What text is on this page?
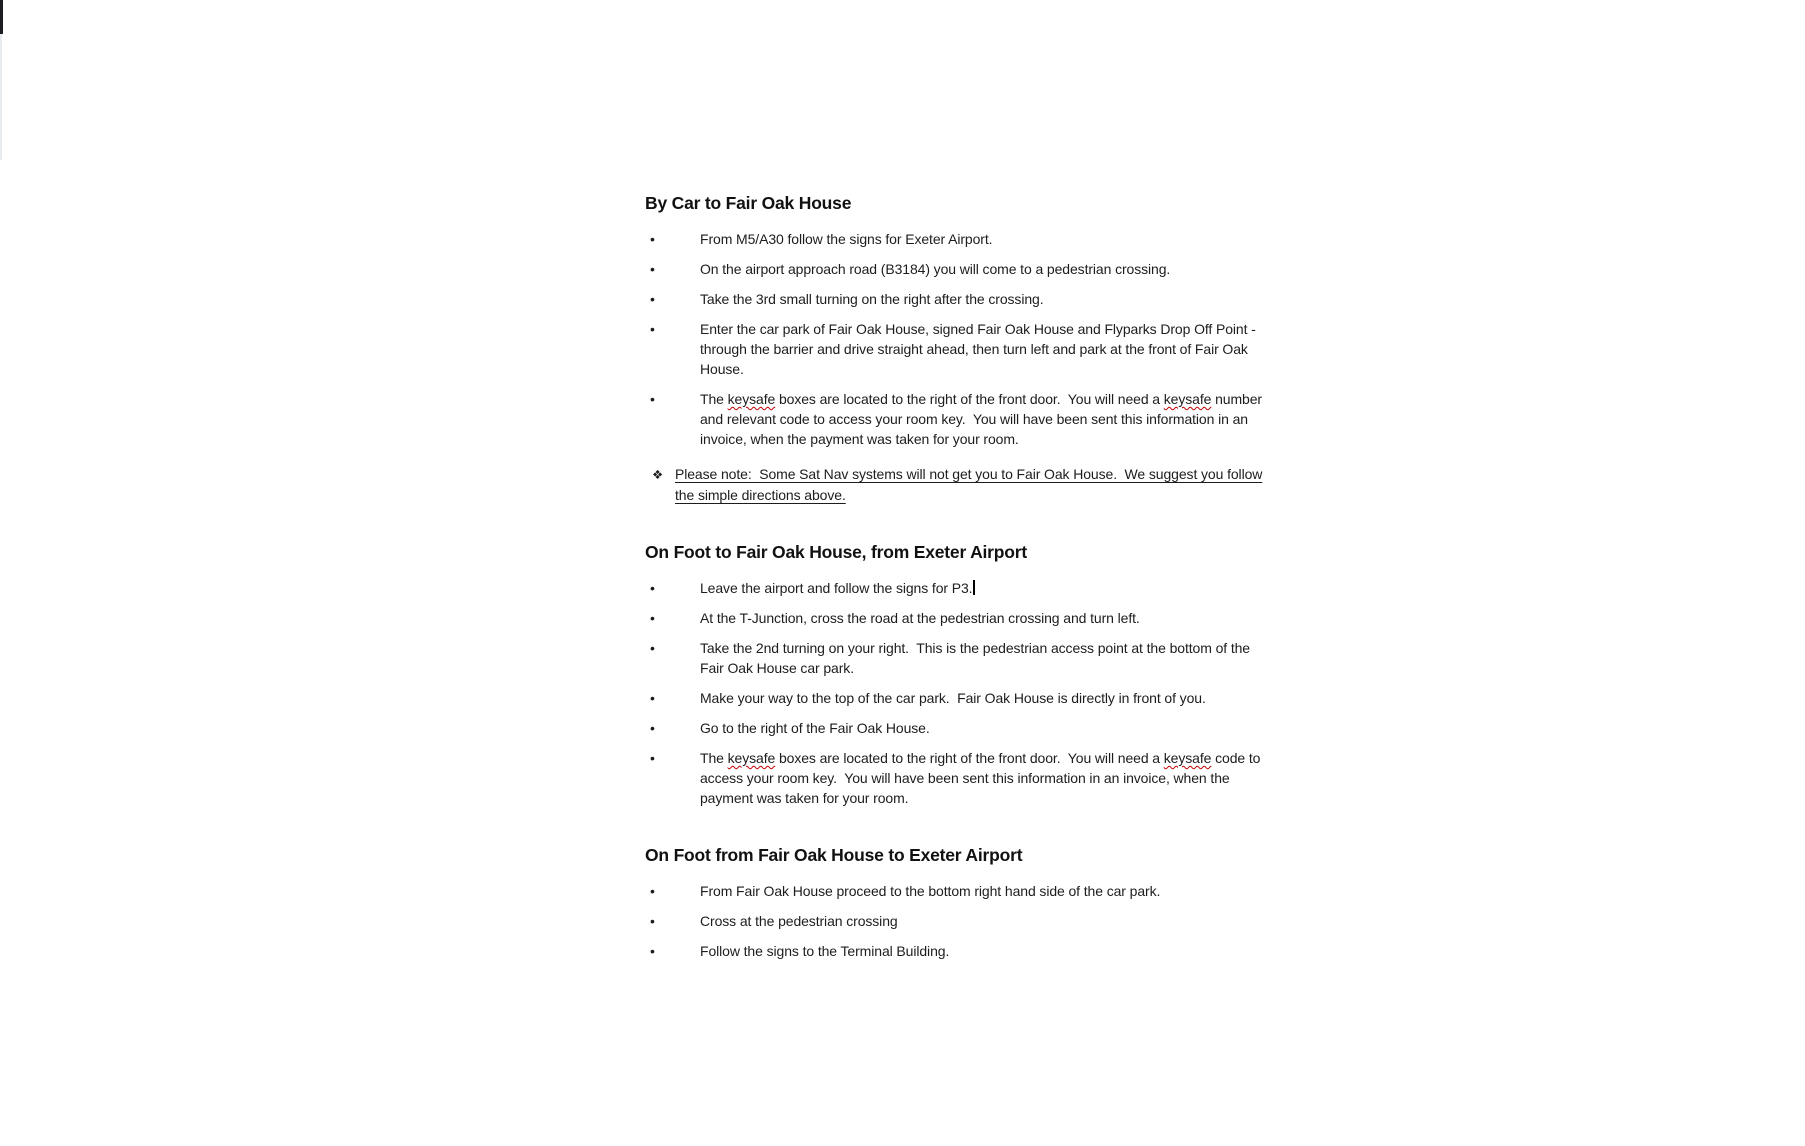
By Car to Fair Oak House
•	From M5/A30 follow the signs for Exeter Airport.
•	On the airport approach road (B3184) you will come to a pedestrian crossing.
•	Take the 3rd small turning on the right after the crossing.
•	Enter the car park of Fair Oak House, signed Fair Oak House and Flyparks Drop Off Point -
through the barrier and drive straight ahead, then turn left and park at the front of Fair Oak
House.
•	The keysafe boxes are located to the right of the front door.  You will need a keysafe number
and relevant code to access your room key.  You will have been sent this information in an
invoice, when the payment was taken for your room.
❖ Please note:  Some Sat Nav systems will not get you to Fair Oak House.  We suggest you follow
the simple directions above.
On Foot to Fair Oak House, from Exeter Airport
•	Leave the airport and follow the signs for P3.
•	At the T-Junction, cross the road at the pedestrian crossing and turn left.
•	Take the 2nd turning on your right.  This is the pedestrian access point at the bottom of the
Fair Oak House car park.
•	Make your way to the top of the car park.  Fair Oak House is directly in front of you.
•	Go to the right of the Fair Oak House.
•	The keysafe boxes are located to the right of the front door.  You will need a keysafe code to
access your room key.  You will have been sent this information in an invoice, when the
payment was taken for your room.
On Foot from Fair Oak House to Exeter Airport
•	From Fair Oak House proceed to the bottom right hand side of the car park.
•	Cross at the pedestrian crossing
•	Follow the signs to the Terminal Building.
